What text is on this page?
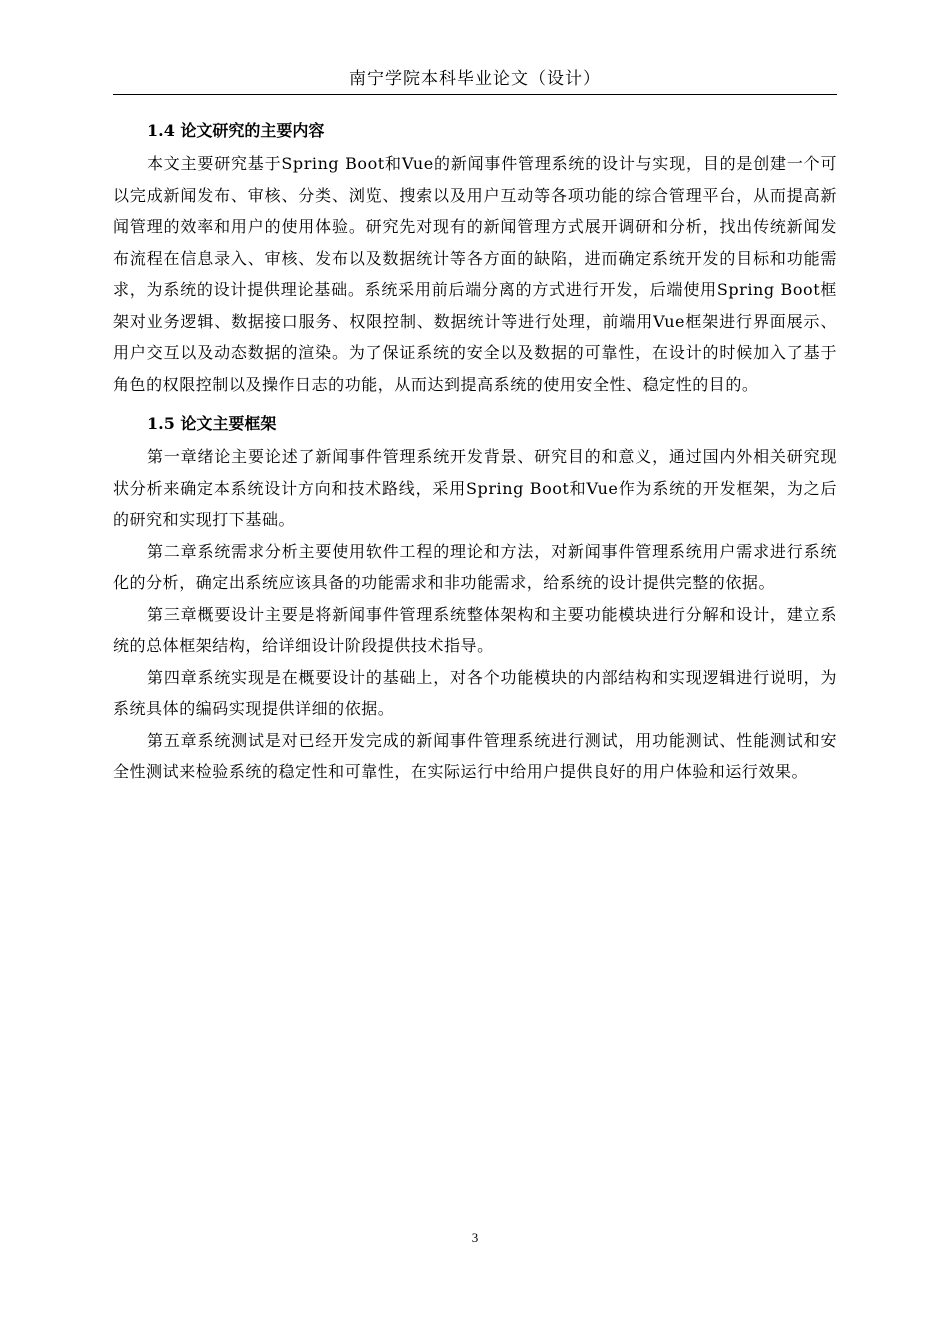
南宁学院本科毕业论文（设计）
1.4 论文研究的主要内容

本文主要研究基于Spring Boot和Vue的新闻事件管理系统的设计与实现，目的是创建一个可以完成新闻发布、审核、分类、浏览、搜索以及用户互动等各项功能的综合管理平台，从而提高新闻管理的效率和用户的使用体验。研究先对现有的新闻管理方式展开调研和分析，找出传统新闻发布流程在信息录入、审核、发布以及数据统计等各方面的缺陷，进而确定系统开发的目标和功能需求，为系统的设计提供理论基础。系统采用前后端分离的方式进行开发，后端使用Spring Boot框架对业务逻辑、数据接口服务、权限控制、数据统计等进行处理，前端用Vue框架进行界面展示、用户交互以及动态数据的渲染。为了保证系统的安全以及数据的可靠性，在设计的时候加入了基于角色的权限控制以及操作日志的功能，从而达到提高系统的使用安全性、稳定性的目的。

1.5 论文主要框架

第一章绪论主要论述了新闻事件管理系统开发背景、研究目的和意义，通过国内外相关研究现状分析来确定本系统设计方向和技术路线，采用Spring Boot和Vue作为系统的开发框架，为之后的研究和实现打下基础。

第二章系统需求分析主要使用软件工程的理论和方法，对新闻事件管理系统用户需求进行系统化的分析，确定出系统应该具备的功能需求和非功能需求，给系统的设计提供完整的依据。

第三章概要设计主要是将新闻事件管理系统整体架构和主要功能模块进行分解和设计，建立系统的总体框架结构，给详细设计阶段提供技术指导。

第四章系统实现是在概要设计的基础上，对各个功能模块的内部结构和实现逻辑进行说明，为系统具体的编码实现提供详细的依据。

第五章系统测试是对已经开发完成的新闻事件管理系统进行测试，用功能测试、性能测试和安全性测试来检验系统的稳定性和可靠性，在实际运行中给用户提供良好的用户体验和运行效果。

3
